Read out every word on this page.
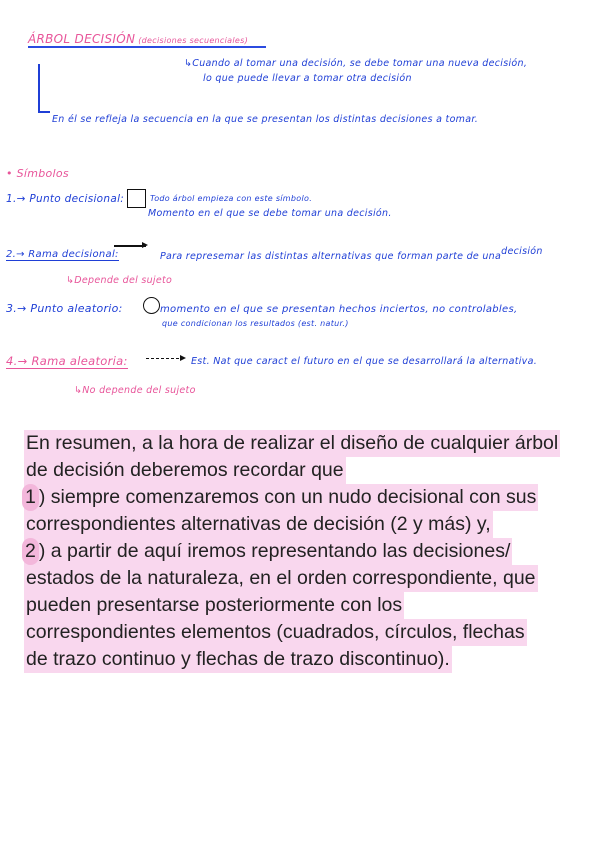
ÁRBOL DECISIÓN (decisiones secuenciales)
↳Cuando al tomar una decisión, se debe tomar una nueva decisión,
lo que puede llevar a tomar otra decisión
En él se refleja la secuencia en la que se presentan los distintas decisiones a tomar.
• Símbolos
1.→ Punto decisional:	Todo árbol empieza con este símbolo.
Momento en el que se debe tomar una decisión.
2.→ Rama decisional:	Para represemar las distintas alternativas que forman parte de unadecisión
↳Depende del sujeto
3.→ Punto aleatorio:	momento en el que se presentan hechos inciertos, no controlables,
que condicionan los resultados (est. natur.)
4.→ Rama aleatoria:	Est. Nat que caract el futuro en el que se desarrollará la alternativa.
↳No depende del sujeto
En resumen, a la hora de realizar el diseño de cualquier árbol
de decisión deberemos recordar que
1 ) siempre comenzaremos con un nudo decisional con sus
correspondientes alternativas de decisión (2 y más) y,
2 ) a partir de aquí iremos representando las decisiones/
estados de la naturaleza, en el orden correspondiente, que
pueden presentarse posteriormente con los
correspondientes elementos (cuadrados, círculos, flechas
de trazo continuo y flechas de trazo discontinuo).
